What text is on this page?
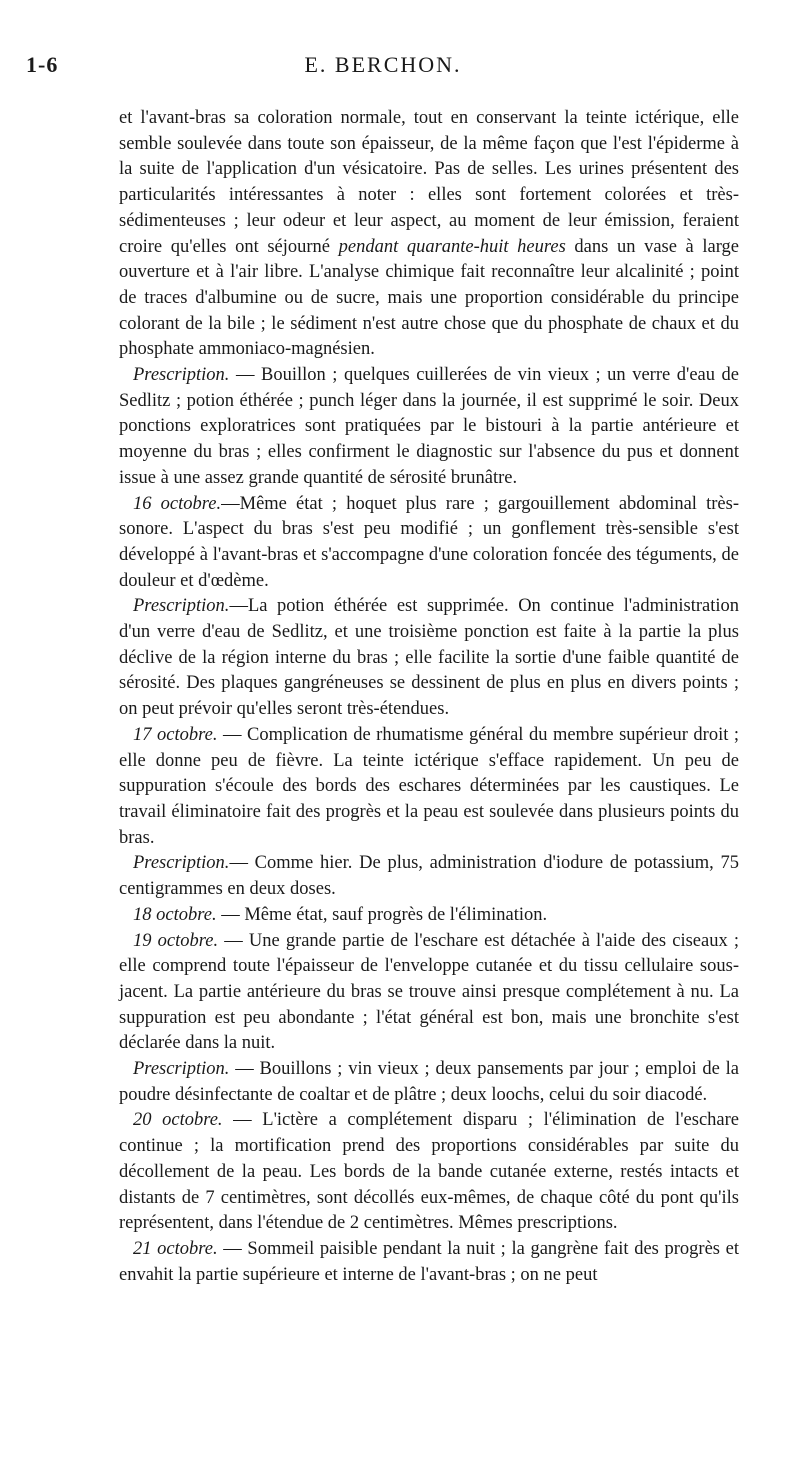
1-6	E. BERCHON.

et l'avant-bras sa coloration normale, tout en conservant la teinte ictérique, elle semble soulevée dans toute son épaisseur, de la même façon que l'est l'épiderme à la suite de l'application d'un vésicatoire. Pas de selles. Les urines présentent des particularités intéressantes à noter : elles sont fortement colorées et très-sédimenteuses ; leur odeur et leur aspect, au moment de leur émission, feraient croire qu'elles ont séjourné pendant quarante-huit heures dans un vase à large ouverture et à l'air libre. L'analyse chimique fait reconnaître leur alcalinité ; point de traces d'albumine ou de sucre, mais une proportion considérable du principe colorant de la bile ; le sédiment n'est autre chose que du phosphate de chaux et du phosphate ammoniaco-magnésien.

Prescription. — Bouillon ; quelques cuillerées de vin vieux ; un verre d'eau de Sedlitz ; potion éthérée ; punch léger dans la journée, il est supprimé le soir. Deux ponctions exploratrices sont pratiquées par le bistouri à la partie antérieure et moyenne du bras ; elles confirment le diagnostic sur l'absence du pus et donnent issue à une assez grande quantité de sérosité brunâtre.

16 octobre.—Même état ; hoquet plus rare ; gargouillement abdominal très-sonore. L'aspect du bras s'est peu modifié ; un gonflement très-sensible s'est développé à l'avant-bras et s'accompagne d'une coloration foncée des téguments, de douleur et d'œdème.

Prescription.—La potion éthérée est supprimée. On continue l'administration d'un verre d'eau de Sedlitz, et une troisième ponction est faite à la partie la plus déclive de la région interne du bras ; elle facilite la sortie d'une faible quantité de sérosité. Des plaques gangréneuses se dessinent de plus en plus en divers points ; on peut prévoir qu'elles seront très-étendues.

17 octobre. — Complication de rhumatisme général du membre supérieur droit ; elle donne peu de fièvre. La teinte ictérique s'efface rapidement. Un peu de suppuration s'écoule des bords des eschares déterminées par les caustiques. Le travail éliminatoire fait des progrès et la peau est soulevée dans plusieurs points du bras.

Prescription.— Comme hier. De plus, administration d'iodure de potassium, 75 centigrammes en deux doses.

18 octobre. — Même état, sauf progrès de l'élimination.

19 octobre. — Une grande partie de l'eschare est détachée à l'aide des ciseaux ; elle comprend toute l'épaisseur de l'enveloppe cutanée et du tissu cellulaire sous-jacent. La partie antérieure du bras se trouve ainsi presque complétement à nu. La suppuration est peu abondante ; l'état général est bon, mais une bronchite s'est déclarée dans la nuit.

Prescription. — Bouillons ; vin vieux ; deux pansements par jour ; emploi de la poudre désinfectante de coaltar et de plâtre ; deux loochs, celui du soir diacodé.

20 octobre. — L'ictère a complétement disparu ; l'élimination de l'eschare continue ; la mortification prend des proportions considérables par suite du décollement de la peau. Les bords de la bande cutanée externe, restés intacts et distants de 7 centimètres, sont décollés eux-mêmes, de chaque côté du pont qu'ils représentent, dans l'étendue de 2 centimètres. Mêmes prescriptions.

21 octobre. — Sommeil paisible pendant la nuit ; la gangrène fait des progrès et envahit la partie supérieure et interne de l'avant-bras ; on ne peut
